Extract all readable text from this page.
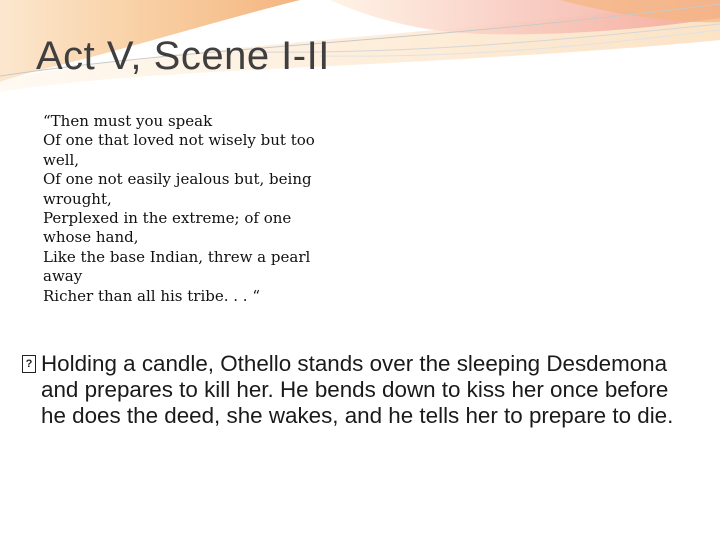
Act V, Scene I-II
“Then must you speak
Of one that loved not wisely but too
well,
Of one not easily jealous but, being
wrought,
Perplexed in the extreme; of one
whose hand,
Like the base Indian, threw a pearl
away
Richer than all his tribe. . . “
? Holding a candle, Othello stands over the sleeping Desdemona and prepares to kill her. He bends down to kiss her once before he does the deed, she wakes, and he tells her to prepare to die.
